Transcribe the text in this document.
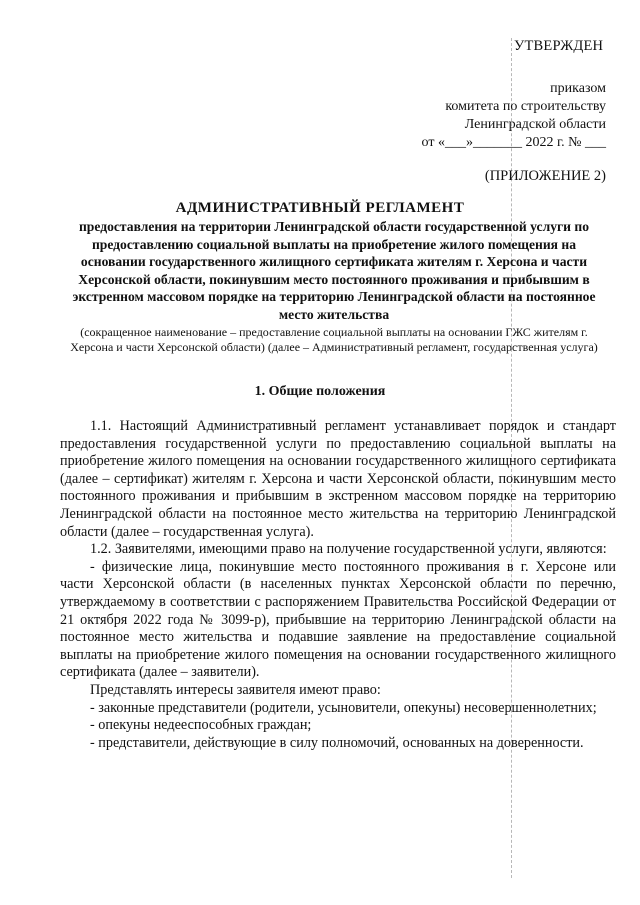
УТВЕРЖДЕН
приказом
комитета по строительству
Ленинградской области
от «___»_______ 2022 г. № ___
(ПРИЛОЖЕНИЕ 2)
АДМИНИСТРАТИВНЫЙ РЕГЛАМЕНТ
предоставления на территории Ленинградской области государственной услуги по предоставлению социальной выплаты на приобретение жилого помещения на основании государственного жилищного сертификата жителям г. Херсона и части Херсонской области, покинувшим место постоянного проживания и прибывшим в экстренном массовом порядке на территорию Ленинградской области на постоянное место жительства
(сокращенное наименование – предоставление социальной выплаты на основании ГЖС жителям г. Херсона и части Херсонской области) (далее – Административный регламент, государственная услуга)
1. Общие положения

1.1. Настоящий Административный регламент устанавливает порядок и стандарт предоставления государственной услуги по предоставлению социальной выплаты на приобретение жилого помещения на основании государственного жилищного сертификата (далее – сертификат) жителям г. Херсона и части Херсонской области, покинувшим место постоянного проживания и прибывшим в экстренном массовом порядке на территорию Ленинградской области на постоянное место жительства на территорию Ленинградской области (далее – государственная услуга).

1.2. Заявителями, имеющими право на получение государственной услуги, являются:

- физические лица, покинувшие место постоянного проживания в г. Херсоне или части Херсонской области (в населенных пунктах Херсонской области по перечню, утверждаемому в соответствии с распоряжением Правительства Российской Федерации от 21 октября 2022 года № 3099-р), прибывшие на территорию Ленинградской области на постоянное место жительства и подавшие заявление на предоставление социальной выплаты на приобретение жилого помещения на основании государственного жилищного сертификата (далее – заявители).

Представлять интересы заявителя имеют право:

- законные представители (родители, усыновители, опекуны) несовершеннолетних;

- опекуны недееспособных граждан;

- представители, действующие в силу полномочий, основанных на доверенности.
